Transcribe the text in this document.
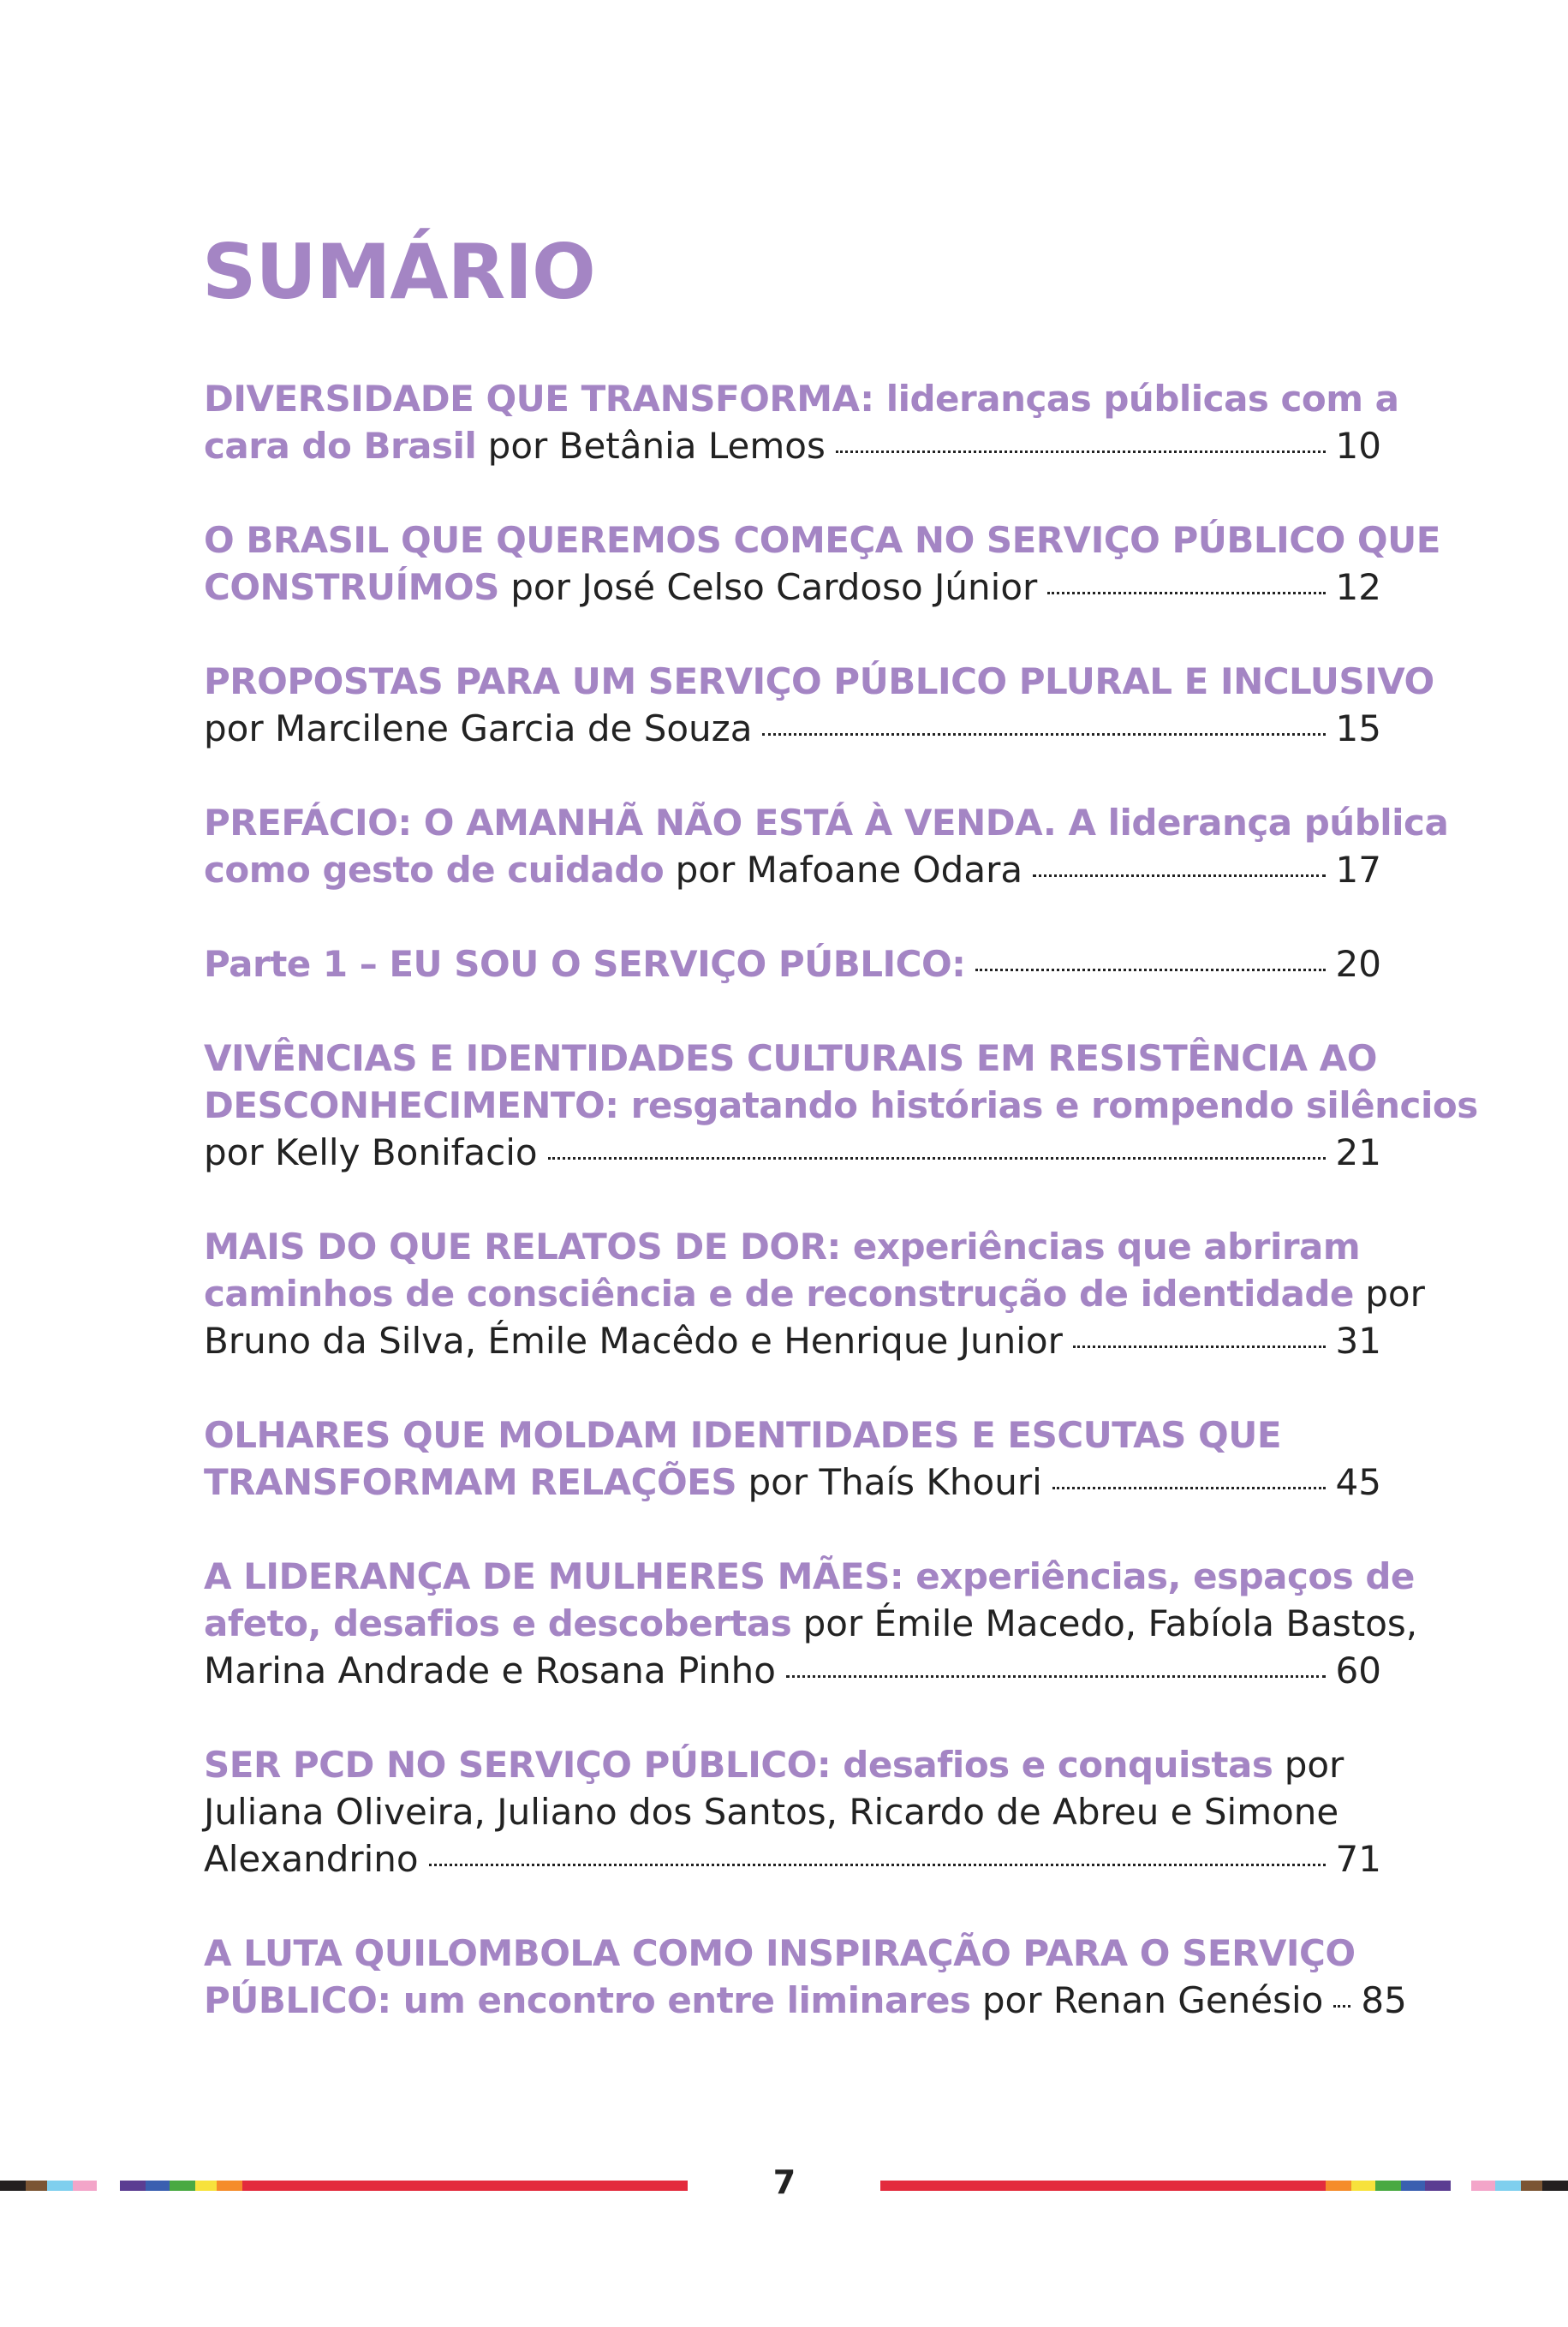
SUMÁRIO
DIVERSIDADE QUE TRANSFORMA: lideranças públicas com a
cara do Brasil por Betânia Lemos	10
O BRASIL QUE QUEREMOS COMEÇA NO SERVIÇO PÚBLICO QUE
CONSTRUÍMOS por José Celso Cardoso Júnior	12
PROPOSTAS PARA UM SERVIÇO PÚBLICO PLURAL E INCLUSIVO
por Marcilene Garcia de Souza	15
PREFÁCIO: O AMANHÃ NÃO ESTÁ À VENDA. A liderança pública
como gesto de cuidado por Mafoane Odara	17
Parte 1 – EU SOU O SERVIÇO PÚBLICO:	20
VIVÊNCIAS E IDENTIDADES CULTURAIS EM RESISTÊNCIA AO
DESCONHECIMENTO: resgatando histórias e rompendo silêncios
por Kelly Bonifacio	21
MAIS DO QUE RELATOS DE DOR: experiências que abriram
caminhos de consciência e de reconstrução de identidade por
Bruno da Silva, Émile Macêdo e Henrique Junior	31
OLHARES QUE MOLDAM IDENTIDADES E ESCUTAS QUE
TRANSFORMAM RELAÇÕES por Thaís Khouri	45
A LIDERANÇA DE MULHERES MÃES: experiências, espaços de
afeto, desafios e descobertas por Émile Macedo, Fabíola Bastos,
Marina Andrade e Rosana Pinho	60
SER PCD NO SERVIÇO PÚBLICO: desafios e conquistas por
Juliana Oliveira, Juliano dos Santos, Ricardo de Abreu e Simone
Alexandrino	71
A LUTA QUILOMBOLA COMO INSPIRAÇÃO PARA O SERVIÇO
PÚBLICO: um encontro entre liminares por Renan Genésio 85
7
